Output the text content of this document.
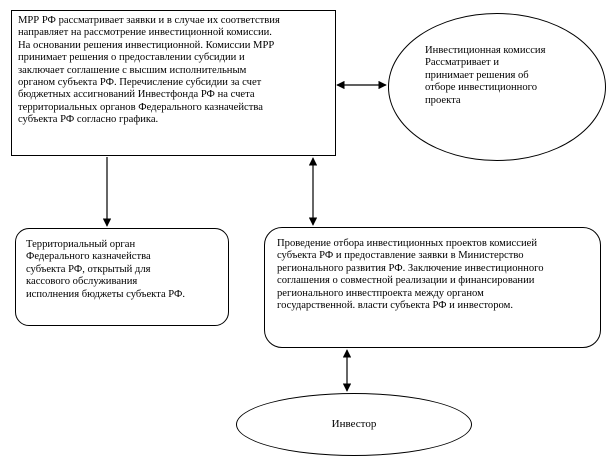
МРР РФ рассматривает заявки и в случае их соответствия
направляет на рассмотрение инвестиционной комиссии.
На основании решения инвестиционной. Комиссии МРР
принимает решения о предоставлении субсидии и
заключает соглашение с высшим исполнительным
органом субъекта РФ. Перечисление субсидии за счет
бюджетных ассигнований Инвестфонда РФ на счета
территориальных органов Федерального казначейства
субъекта РФ согласно графика.

Инвестиционная комиссия
Рассматривает и
принимает решения об
отборе инвестиционного
проекта

Территориальный орган
Федерального казначейства
субъекта РФ, открытый для
кассового обслуживания
исполнения бюджеты субъекта РФ.

Проведение отбора инвестиционных проектов комиссией
субъекта РФ и предоставление заявки в Министерство
регионального развития РФ. Заключение инвестиционного
соглашения о совместной реализации и финансировании
регионального инвестпроекта между органом
государственной. власти субъекта РФ и инвестором.

Инвестор
